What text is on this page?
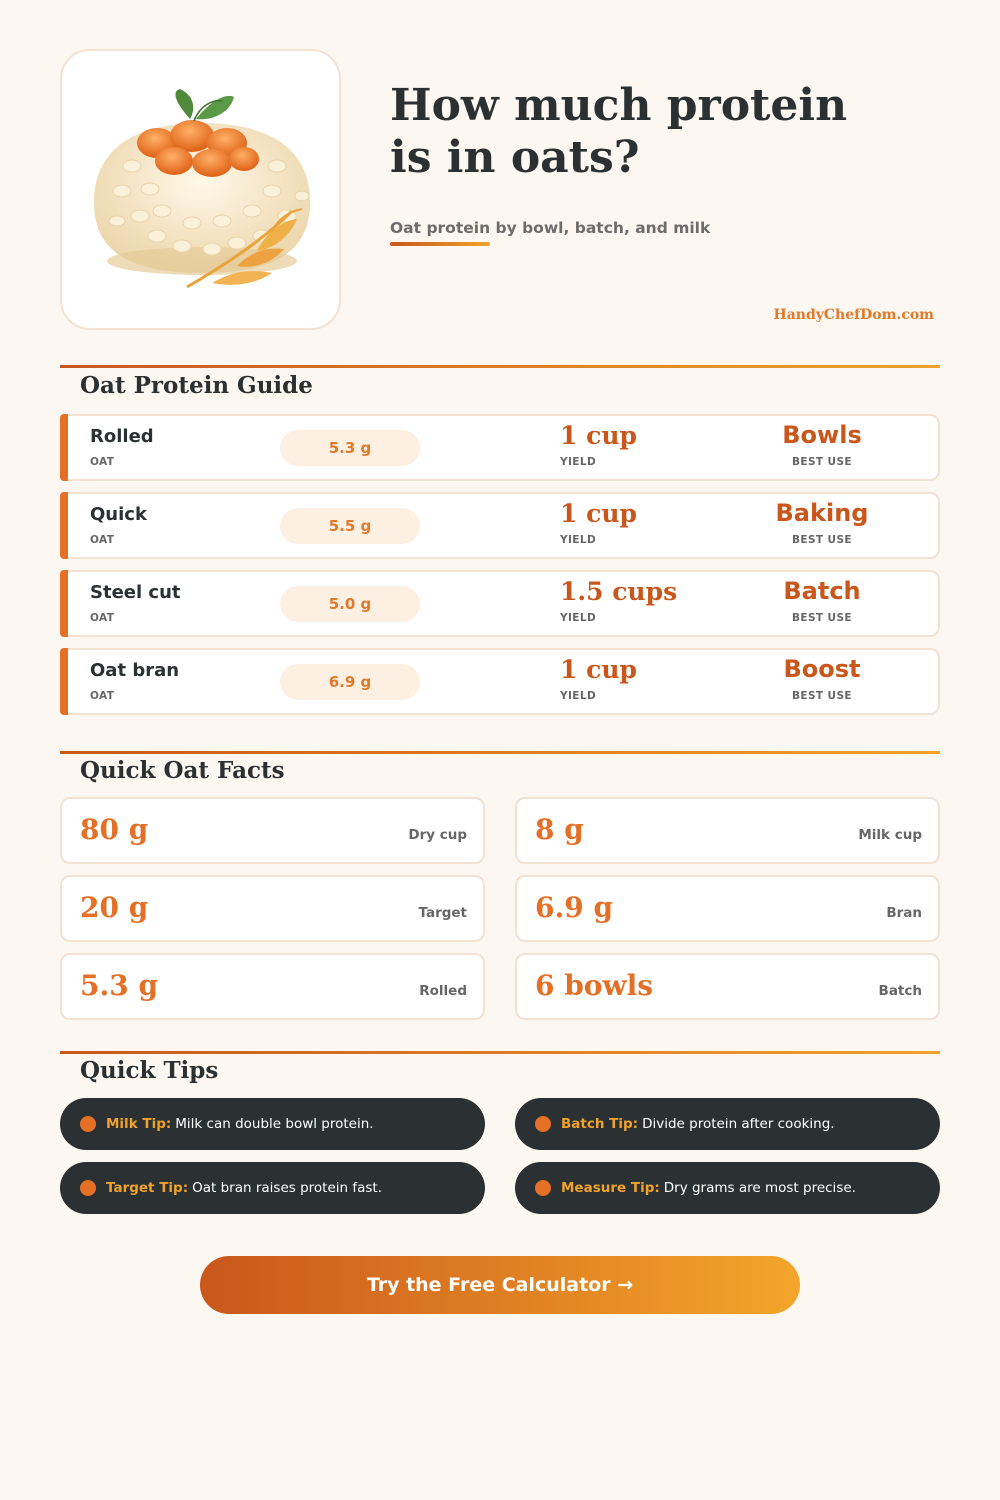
How much protein
is in oats?
Oat protein by bowl, batch, and milk
HandyChefDom.com
Oat Protein Guide
Rolled
OAT
5.3 g	1 cup
YIELD
Bowls
BEST USE
Quick
OAT
5.5 g	1 cup
YIELD
Baking
BEST USE
Steel cut
OAT
5.0 g	1.5 cups
YIELD
Batch
BEST USE
Oat bran
OAT
6.9 g	1 cup
YIELD
Boost
BEST USE
Quick Oat Facts
80 g	Dry cup 8 g	Milk cup
20 g	Target 6.9 g	Bran
5.3 g	Rolled 6 bowls	Batch
Quick Tips
Milk Tip: Milk can double bowl protein.	Batch Tip: Divide protein after cooking.
Target Tip: Oat bran raises protein fast.	Measure Tip: Dry grams are most precise.
Try the Free Calculator →
